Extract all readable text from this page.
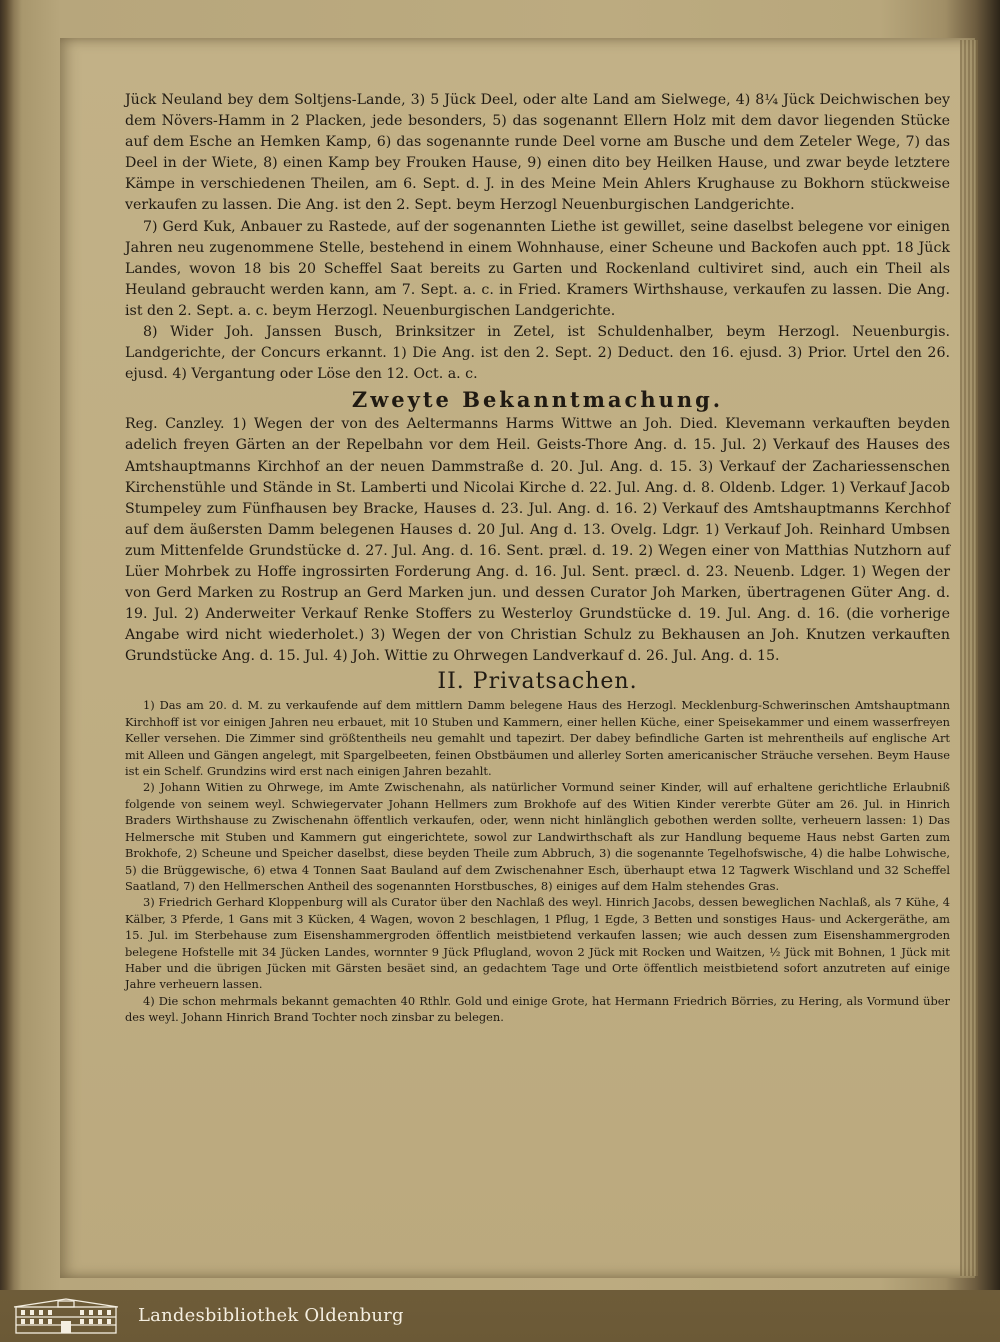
Jück Neuland bey dem Soltjens-Lande, 3) 5 Jück Deel, oder alte Land am Sielwege, 4) 8¼ Jück Deichwischen bey dem Növers-Hamm in 2 Placken, jede besonders, 5) das sogenannt Ellern Holz mit dem davor liegenden Stücke auf dem Esche an Hemken Kamp, 6) das sogenannte runde Deel vorne am Busche und dem Zeteler Wege, 7) das Deel in der Wiete, 8) einen Kamp bey Frouken Hause, 9) einen dito bey Heilken Hause, und zwar beyde letztere Kämpe in verschiedenen Theilen, am 6. Sept. d. J. in des Meine Mein Ahlers Krughause zu Bokhorn stückweise verkaufen zu lassen. Die Ang. ist den 2. Sept. beym Herzogl Neuenburgischen Landgerichte.

7) Gerd Kuk, Anbauer zu Rastede, auf der sogenannten Liethe ist gewillet, seine daselbst belegene vor einigen Jahren neu zugenommene Stelle, bestehend in einem Wohnhause, einer Scheune und Backofen auch ppt. 18 Jück Landes, wovon 18 bis 20 Scheffel Saat bereits zu Garten und Rockenland cultiviret sind, auch ein Theil als Heuland gebraucht werden kann, am 7. Sept. a. c. in Fried. Kramers Wirthshause, verkaufen zu lassen. Die Ang. ist den 2. Sept. a. c. beym Herzogl. Neuenburgischen Landgerichte.

8) Wider Joh. Janssen Busch, Brinksitzer in Zetel, ist Schuldenhalber, beym Herzogl. Neuenburgis. Landgerichte, der Concurs erkannt. 1) Die Ang. ist den 2. Sept. 2) Deduct. den 16. ejusd. 3) Prior. Urtel den 26. ejusd. 4) Vergantung oder Löse den 12. Oct. a. c.

Zweyte Bekanntmachung.

Reg. Canzley. 1) Wegen der von des Aeltermanns Harms Wittwe an Joh. Died. Klevemann verkauften beyden adelich freyen Gärten an der Repelbahn vor dem Heil. Geists-Thore Ang. d. 15. Jul. 2) Verkauf des Hauses des Amtshauptmanns Kirchhof an der neuen Dammstraße d. 20. Jul. Ang. d. 15. 3) Verkauf der Zachariessenschen Kirchenstühle und Stände in St. Lamberti und Nicolai Kirche d. 22. Jul. Ang. d. 8. Oldenb. Ldger. 1) Verkauf Jacob Stumpeley zum Fünfhausen bey Bracke, Hauses d. 23. Jul. Ang. d. 16. 2) Verkauf des Amtshauptmanns Kerchhof auf dem äußersten Damm belegenen Hauses d. 20 Jul. Ang d. 13. Ovelg. Ldgr. 1) Verkauf Joh. Reinhard Umbsen zum Mittenfelde Grundstücke d. 27. Jul. Ang. d. 16. Sent. præl. d. 19. 2) Wegen einer von Matthias Nutzhorn auf Lüer Mohrbek zu Hoffe ingrossirten Forderung Ang. d. 16. Jul. Sent. præcl. d. 23. Neuenb. Ldger. 1) Wegen der von Gerd Marken zu Rostrup an Gerd Marken jun. und dessen Curator Joh Marken, übertragenen Güter Ang. d. 19. Jul. 2) Anderweiter Verkauf Renke Stoffers zu Westerloy Grundstücke d. 19. Jul. Ang. d. 16. (die vorherige Angabe wird nicht wiederholet.) 3) Wegen der von Christian Schulz zu Bekhausen an Joh. Knutzen verkauften Grundstücke Ang. d. 15. Jul. 4) Joh. Wittie zu Ohrwegen Landverkauf d. 26. Jul. Ang. d. 15.

II. Privatsachen.

1) Das am 20. d. M. zu verkaufende auf dem mittlern Damm belegene Haus des Herzogl. Mecklenburg-Schwerinschen Amtshauptmann Kirchhoff ist vor einigen Jahren neu erbauet, mit 10 Stuben und Kammern, einer hellen Küche, einer Speisekammer und einem wasserfreyen Keller versehen. Die Zimmer sind größtentheils neu gemahlt und tapezirt. Der dabey befindliche Garten ist mehrentheils auf englische Art mit Alleen und Gängen angelegt, mit Spargelbeeten, feinen Obstbäumen und allerley Sorten americanischer Sträuche versehen. Beym Hause ist ein Schelf. Grundzins wird erst nach einigen Jahren bezahlt.

2) Johann Witien zu Ohrwege, im Amte Zwischenahn, als natürlicher Vormund seiner Kinder, will auf erhaltene gerichtliche Erlaubniß folgende von seinem weyl. Schwiegervater Johann Hellmers zum Brokhofe auf des Witien Kinder vererbte Güter am 26. Jul. in Hinrich Braders Wirthshause zu Zwischenahn öffentlich verkaufen, oder, wenn nicht hinlänglich gebothen werden sollte, verheuern lassen: 1) Das Helmersche mit Stuben und Kammern gut eingerichtete, sowol zur Landwirthschaft als zur Handlung bequeme Haus nebst Garten zum Brokhofe, 2) Scheune und Speicher daselbst, diese beyden Theile zum Abbruch, 3) die sogenannte Tegelhofswische, 4) die halbe Lohwische, 5) die Brüggewische, 6) etwa 4 Tonnen Saat Bauland auf dem Zwischenahner Esch, überhaupt etwa 12 Tagwerk Wischland und 32 Scheffel Saatland, 7) den Hellmerschen Antheil des sogenannten Horstbusches, 8) einiges auf dem Halm stehendes Gras.

3) Friedrich Gerhard Kloppenburg will als Curator über den Nachlaß des weyl. Hinrich Jacobs, dessen beweglichen Nachlaß, als 7 Kühe, 4 Kälber, 3 Pferde, 1 Gans mit 3 Kücken, 4 Wagen, wovon 2 beschlagen, 1 Pflug, 1 Egde, 3 Betten und sonstiges Haus- und Ackergeräthe, am 15. Jul. im Sterbehause zum Eisenshammergroden öffentlich meistbietend verkaufen lassen; wie auch dessen zum Eisenshammergroden belegene Hofstelle mit 34 Jücken Landes, wornnter 9 Jück Pflugland, wovon 2 Jück mit Rocken und Waitzen, ½ Jück mit Bohnen, 1 Jück mit Haber und die übrigen Jücken mit Gärsten besäet sind, an gedachtem Tage und Orte öffentlich meistbietend sofort anzutreten auf einige Jahre verheuern lassen.

4) Die schon mehrmals bekannt gemachten 40 Rthlr. Gold und einige Grote, hat Hermann Friedrich Börries, zu Hering, als Vormund über des weyl. Johann Hinrich Brand Tochter noch zinsbar zu belegen.

Landesbibliothek Oldenburg
